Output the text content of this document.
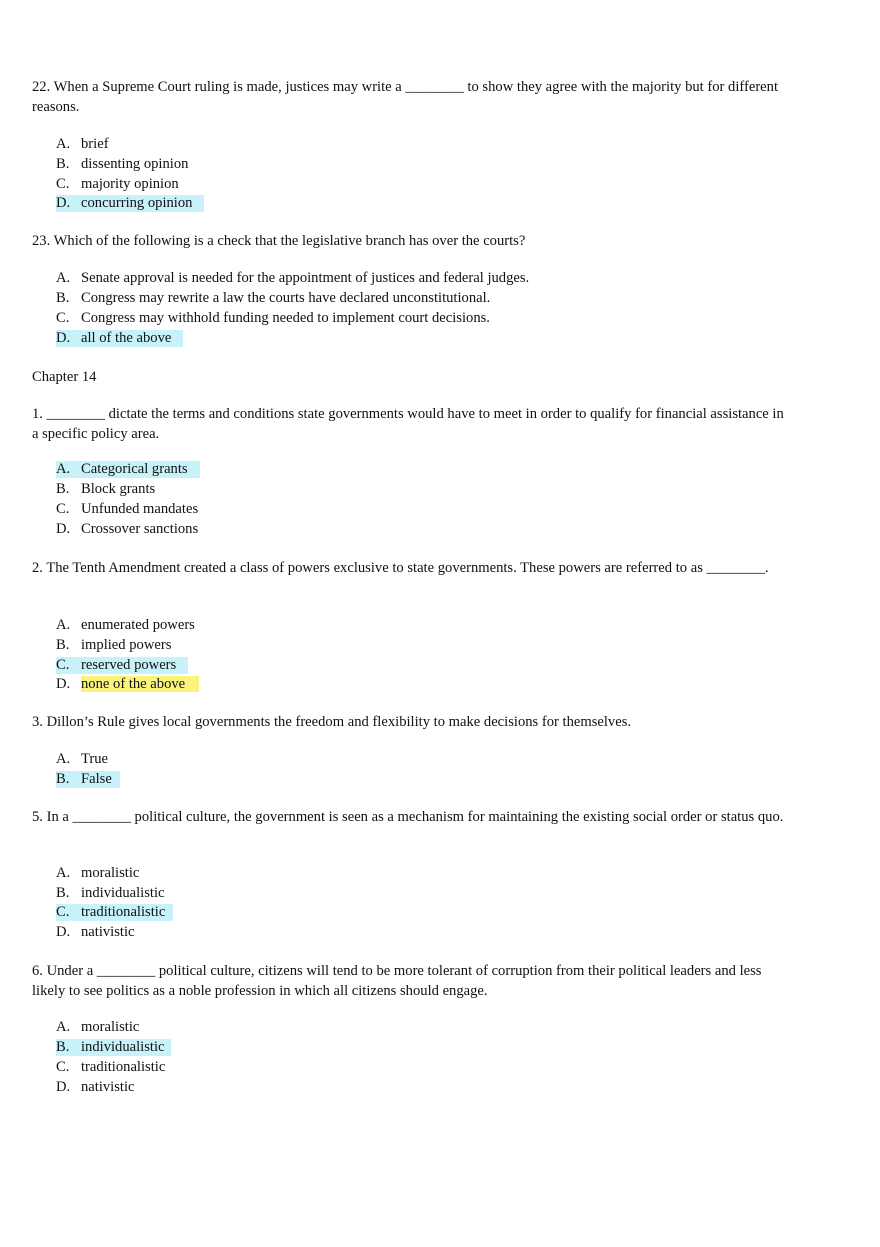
22. When a Supreme Court ruling is made, justices may write a ________ to show they agree with the majority but for different reasons.
A. brief
B. dissenting opinion
C. majority opinion
D. concurring opinion
23. Which of the following is a check that the legislative branch has over the courts?
A. Senate approval is needed for the appointment of justices and federal judges.
B. Congress may rewrite a law the courts have declared unconstitutional.
C. Congress may withhold funding needed to implement court decisions.
D. all of the above
Chapter 14
1. ________ dictate the terms and conditions state governments would have to meet in order to qualify for financial assistance in a specific policy area.
A. Categorical grants
B. Block grants
C. Unfunded mandates
D. Crossover sanctions
2. The Tenth Amendment created a class of powers exclusive to state governments. These powers are referred to as ________.
A. enumerated powers
B. implied powers
C. reserved powers
D. none of the above
3. Dillon’s Rule gives local governments the freedom and flexibility to make decisions for themselves.
A. True
B. False
5. In a ________ political culture, the government is seen as a mechanism for maintaining the existing social order or status quo.
A. moralistic
B. individualistic
C. traditionalistic
D. nativistic
6. Under a ________ political culture, citizens will tend to be more tolerant of corruption from their political leaders and less likely to see politics as a noble profession in which all citizens should engage.
A. moralistic
B. individualistic
C. traditionalistic
D. nativistic
